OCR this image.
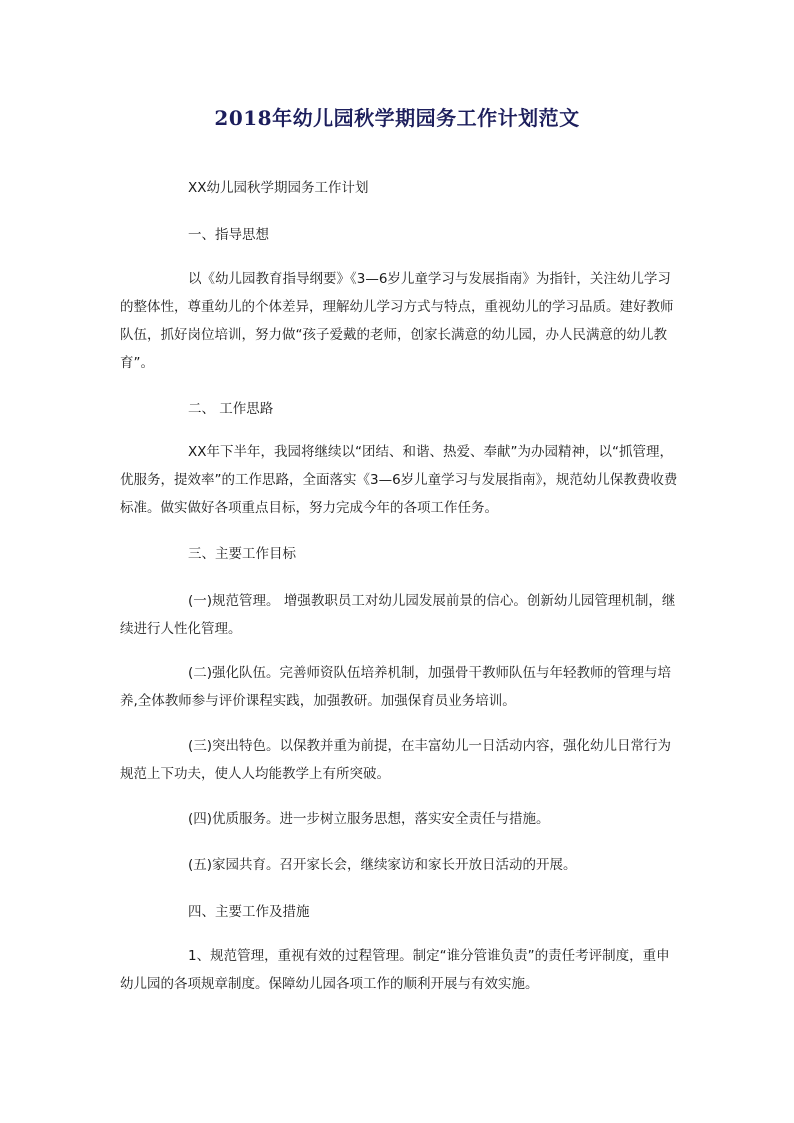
2018年幼儿园秋学期园务工作计划范文
XX幼儿园秋学期园务工作计划
一、指导思想
以《幼儿园教育指导纲要》《3—6岁儿童学习与发展指南》为指针，关注幼儿学习的整体性，尊重幼儿的个体差异，理解幼儿学习方式与特点，重视幼儿的学习品质。建好教师队伍，抓好岗位培训，努力做“孩子爱戴的老师，创家长满意的幼儿园，办人民满意的幼儿教育”。
二、 工作思路
XX年下半年，我园将继续以“团结、和谐、热爱、奉献”为办园精神，以“抓管理，优服务，提效率”的工作思路，全面落实《3—6岁儿童学习与发展指南》，规范幼儿保教费收费标准。做实做好各项重点目标，努力完成今年的各项工作任务。
三、主要工作目标
(一)规范管理。 增强教职员工对幼儿园发展前景的信心。创新幼儿园管理机制，继续进行人性化管理。
(二)强化队伍。完善师资队伍培养机制，加强骨干教师队伍与年轻教师的管理与培养,全体教师参与评价课程实践，加强教研。加强保育员业务培训。
(三)突出特色。以保教并重为前提，在丰富幼儿一日活动内容，强化幼儿日常行为规范上下功夫，使人人均能教学上有所突破。
(四)优质服务。进一步树立服务思想，落实安全责任与措施。
(五)家园共育。召开家长会，继续家访和家长开放日活动的开展。
四、主要工作及措施
1、规范管理，重视有效的过程管理。制定“谁分管谁负责”的责任考评制度，重申幼儿园的各项规章制度。保障幼儿园各项工作的顺利开展与有效实施。
